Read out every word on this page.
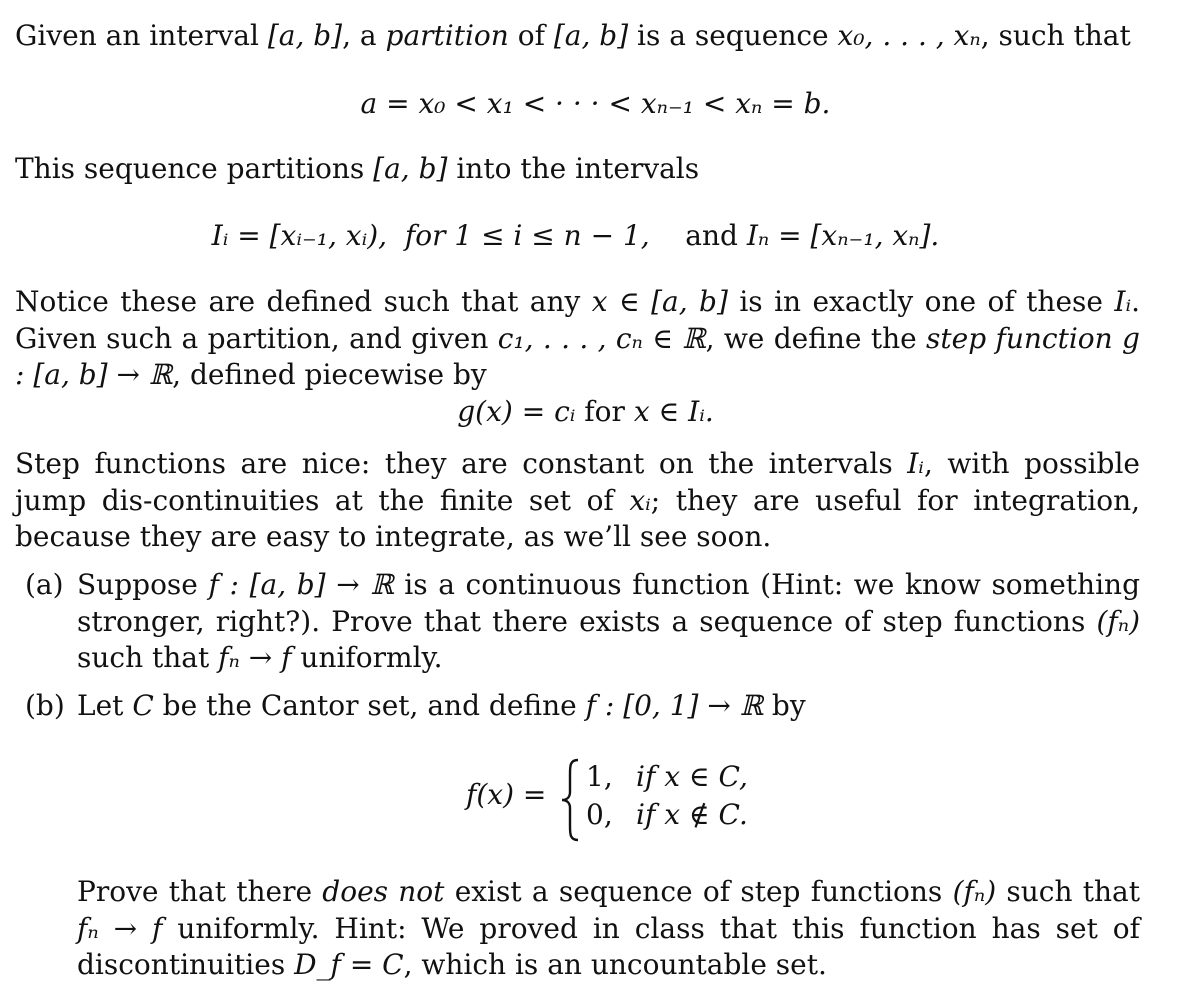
Given an interval [a, b], a partition of [a, b] is a sequence x₀, . . . , xₙ, such that
a = x₀ < x₁ < · · · < xₙ₋₁ < xₙ = b.
This sequence partitions [a, b] into the intervals
Iᵢ = [xᵢ₋₁, xᵢ), for 1 ≤ i ≤ n − 1, and Iₙ = [xₙ₋₁, xₙ].
Notice these are defined such that any x ∈ [a, b] is in exactly one of these Iᵢ. Given such a partition, and given c₁, . . . , cₙ ∈ ℝ, we define the step function g : [a, b] → ℝ, defined piecewise by
g(x) = cᵢ for x ∈ Iᵢ.
Step functions are nice: they are constant on the intervals Iᵢ, with possible jump dis-continuities at the finite set of xᵢ; they are useful for integration, because they are easy to integrate, as we’ll see soon.
(a) Suppose f : [a, b] → ℝ is a continuous function (Hint: we know something stronger, right?). Prove that there exists a sequence of step functions (fₙ) such that fₙ → f uniformly.
(b) Let C be the Cantor set, and define f : [0, 1] → ℝ by
f(x) =
1, if x ∈ C,
0, if x ∉ C.
Prove that there does not exist a sequence of step functions (fₙ) such that fₙ → f uniformly. Hint: We proved in class that this function has set of discontinuities D_f = C, which is an uncountable set.
